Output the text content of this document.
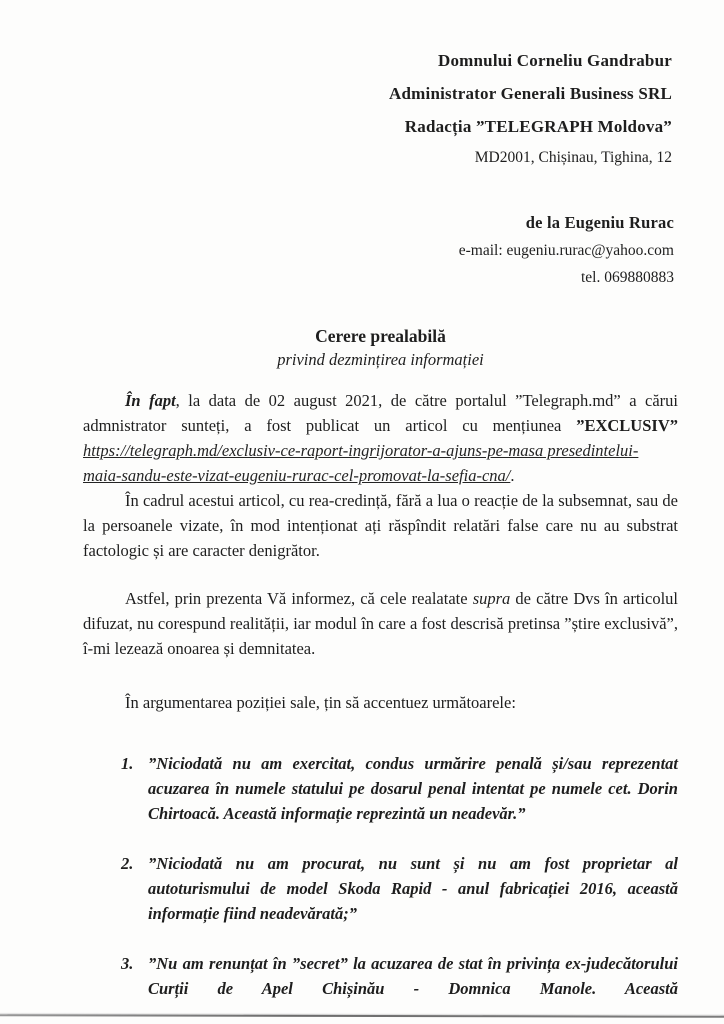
Domnului Corneliu Gandrabur
Administrator Generali Business SRL
Radacția ”TELEGRAPH Moldova”
MD2001, Chișinau, Tighina, 12
de la Eugeniu Rurac
e-mail: eugeniu.rurac@yahoo.com
tel. 069880883
Cerere prealabilă
privind dezmințirea informației

În fapt, la data de 02 august 2021, de către portalul ”Telegraph.md” a cărui admnistrator sunteți, a fost publicat un articol cu mențiunea ”EXCLUSIV”

https://telegraph.md/exclusiv-ce-raport-ingrijorator-a-ajuns-pe-masa presedintelui-
maia-sandu-este-vizat-eugeniu-rurac-cel-promovat-la-sefia-cna/.

În cadrul acestui articol, cu rea-credință, fără a lua o reacție de la subsemnat, sau de la persoanele vizate, în mod intenționat ați răspîndit relatări false care nu au substrat factologic și are caracter denigrător.

Astfel, prin prezenta Vă informez, că cele realatate supra de către Dvs în articolul difuzat, nu corespund realității, iar modul în care a fost descrisă pretinsa ”știre exclusivă”, î-mi lezează onoarea și demnitatea.

În argumentarea poziției sale, țin să accentuez următoarele:

1. ”Niciodată nu am exercitat, condus urmărire penală și/sau reprezentat acuzarea în numele statului pe dosarul penal intentat pe numele cet. Dorin Chirtoacă. Această informație reprezintă un neadevăr.”
2. ”Niciodată nu am procurat, nu sunt și nu am fost proprietar al autoturismului de model Skoda Rapid - anul fabricației 2016, această informație fiind neadevărată;”
3. ”Nu am renunțat în ”secret” la acuzarea de stat în privința ex-judecătorului Curții de Apel Chișinău - Domnica Manole. Această
